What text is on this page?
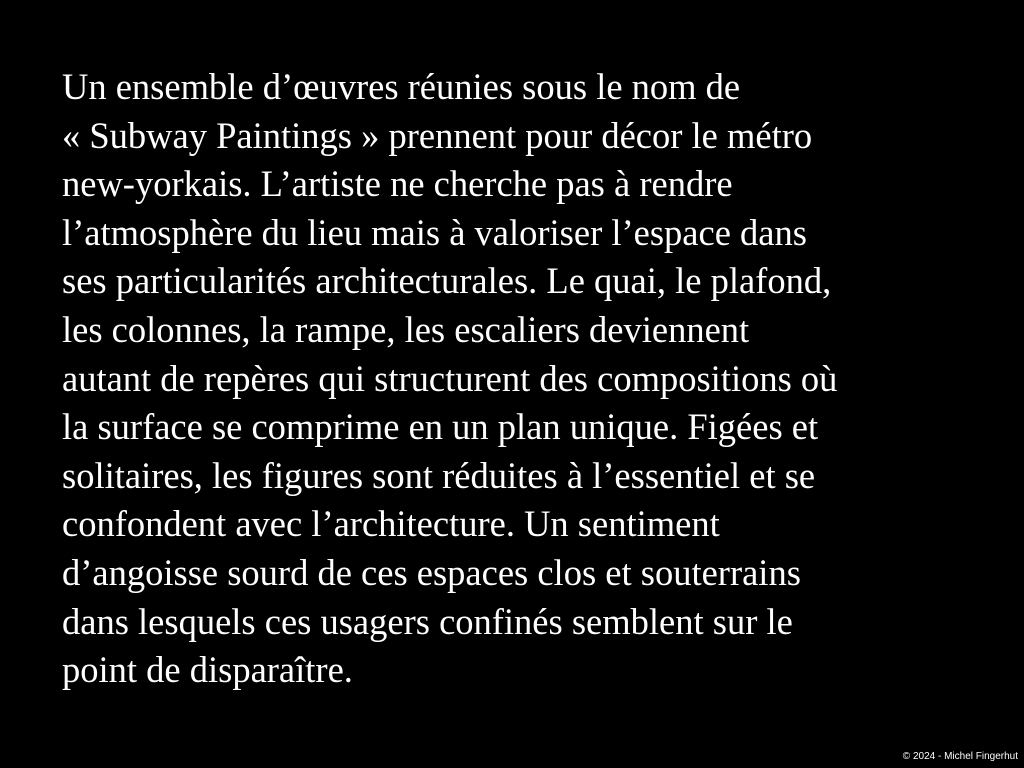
Un ensemble d’œuvres réunies sous le nom de
« Subway Paintings » prennent pour décor le métro
new-yorkais. L’artiste ne cherche pas à rendre
l’atmosphère du lieu mais à valoriser l’espace dans
ses particularités architecturales. Le quai, le plafond,
les colonnes, la rampe, les escaliers deviennent
autant de repères qui structurent des compositions où
la surface se comprime en un plan unique. Figées et
solitaires, les figures sont réduites à l’essentiel et se
confondent avec l’architecture. Un sentiment
d’angoisse sourd de ces espaces clos et souterrains
dans lesquels ces usagers confinés semblent sur le
point de disparaître.

© 2024 - Michel Fingerhut
